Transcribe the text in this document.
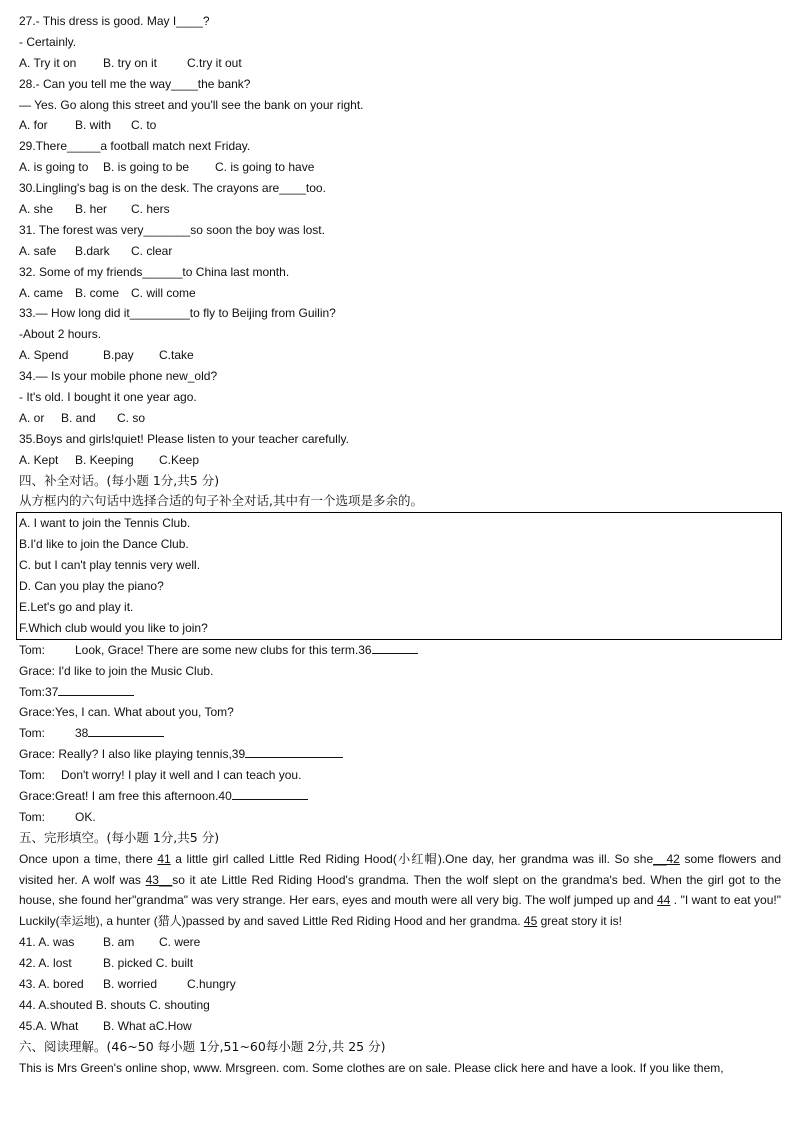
27.- This dress is good. May I____?
- Certainly.
A. Try it on B. try on it C.try it out
28.- Can you tell me the way____the bank?
— Yes. Go along this street and you'll see the bank on your right.
A. for B. with C. to
29.There_____a football match next Friday.
A. is going to B. is going to be C. is going to have
30.Lingling's bag is on the desk. The crayons are____too.
A. she B. her C. hers
31. The forest was very_______so soon the boy was lost.
A. safe B.dark C. clear
32. Some of my friends______to China last month.
A. came B. come C. will come
33.— How long did it_________to fly to Beijing from Guilin?
-About 2 hours.
A. Spend	B.pay C.take
34.— Is your mobile phone new_old?
- It's old. I bought it one year ago.
A. or B. and C. so
35.Boys and girls!quiet! Please listen to your teacher carefully.
A. Kept B. Keeping C.Keep
四、补全对话。(每小题 1分,共5 分)
从方框内的六句话中选择合适的句子补全对话,其中有一个选项是多余的。
A. I want to join the Tennis Club.
B.I'd like to join the Dance Club.
C. but I can't play tennis very well.
D. Can you play the piano?
E.Let's go and play it.
F.Which club would you like to join?
Tom: Look, Grace! There are some new clubs for this term.36
Grace: I'd like to join the Music Club.
Tom:37
Grace:Yes, I can. What about you, Tom?
Tom: 38
Grace: Really? I also like playing tennis,39
Tom: Don't worry! I play it well and I can teach you.
Grace:Great! I am free this afternoon.40
Tom: OK.
五、完形填空。(每小题 1分,共5 分)
Once upon a time, there 41 a little girl called Little Red Riding Hood(小红帽).One day, her grandma was ill. So she__42 some flowers and visited her. A wolf was 43__so it ate Little Red Riding Hood's grandma. Then the wolf slept on the grandma's bed. When the girl got to the house, she found her"grandma" was very strange. Her ears, eyes and mouth were all very big. The wolf jumped up and 44 . "I want to eat you!" Luckily(幸运地), a hunter (猎人)passed by and saved Little Red Riding Hood and her grandma. 45 great story it is!
41. A. was B. am C. were
42. A. lost	B. picked C. built
43. A. bored B. worried C.hungry
44. A.shouted B. shouts C. shouting
45.A. What B. What aC.How
六、阅读理解。(46~50 每小题 1分,51~60每小题 2分,共 25 分)
This is Mrs Green's online shop, www. Mrsgreen. com. Some clothes are on sale. Please click here and have a look. If you like them,
